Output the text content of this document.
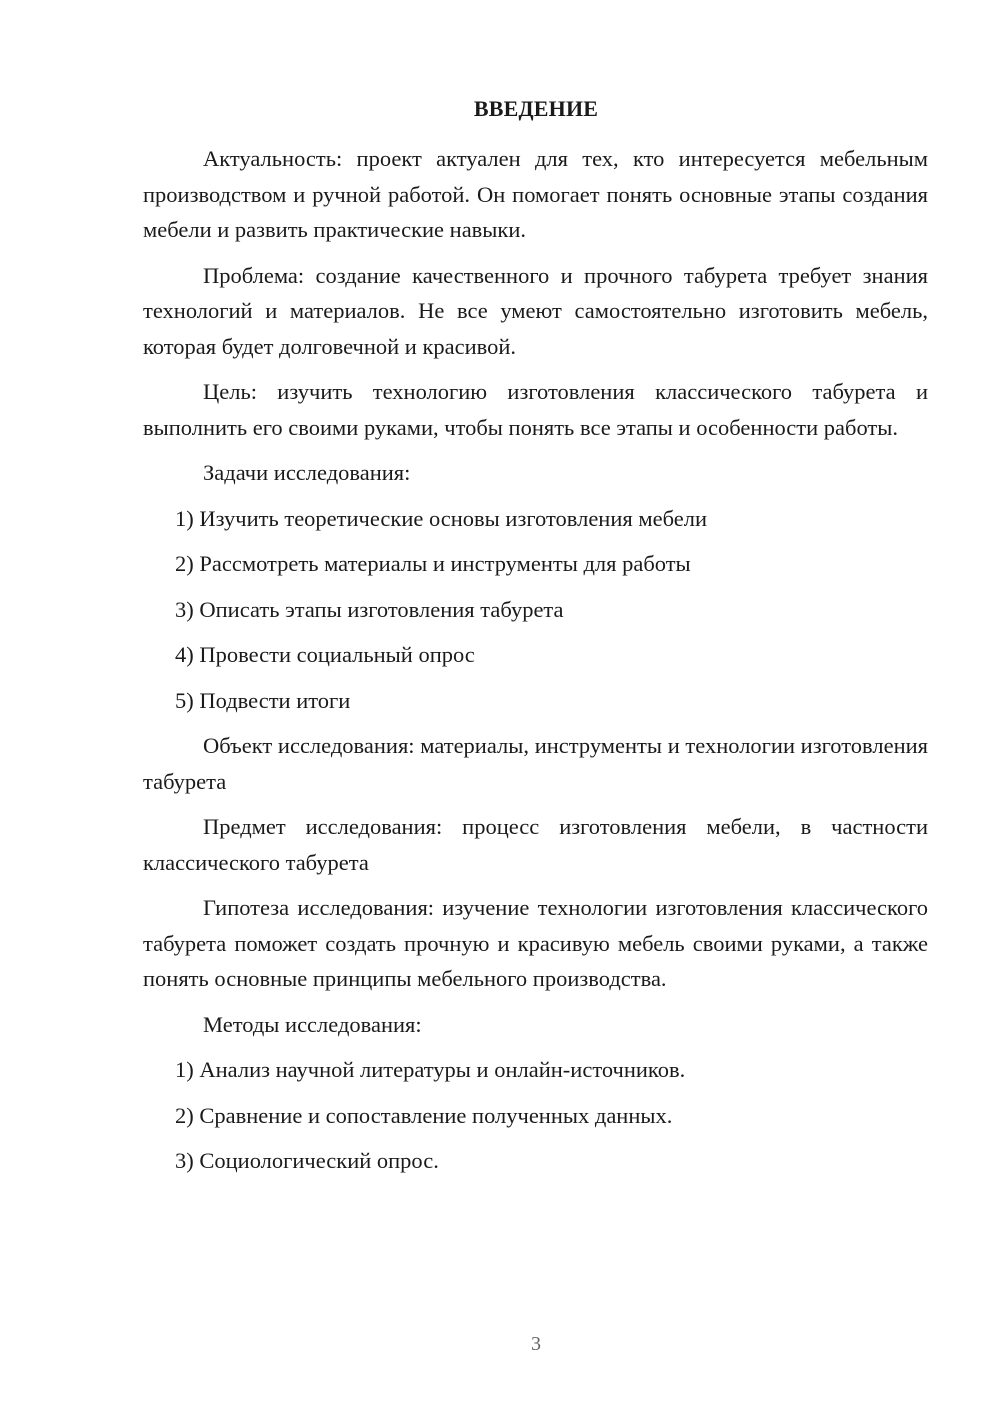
ВВЕДЕНИЕ

Актуальность: проект актуален для тех, кто интересуется мебельным производством и ручной работой. Он помогает понять основные этапы создания мебели и развить практические навыки.

Проблема: создание качественного и прочного табурета требует знания технологий и материалов. Не все умеют самостоятельно изготовить мебель, которая будет долговечной и красивой.

Цель: изучить технологию изготовления классического табурета и выполнить его своими руками, чтобы понять все этапы и особенности работы.

Задачи исследования:

1) Изучить теоретические основы изготовления мебели

2) Рассмотреть материалы и инструменты для работы

3) Описать этапы изготовления табурета

4) Провести социальный опрос

5) Подвести итоги

Объект исследования: материалы, инструменты и технологии изготовления табурета

Предмет исследования: процесс изготовления мебели, в частности классического табурета

Гипотеза исследования: изучение технологии изготовления классического табурета поможет создать прочную и красивую мебель своими руками, а также понять основные принципы мебельного производства.

Методы исследования:

1) Анализ научной литературы и онлайн-источников.

2) Сравнение и сопоставление полученных данных.

3) Социологический опрос.

3
